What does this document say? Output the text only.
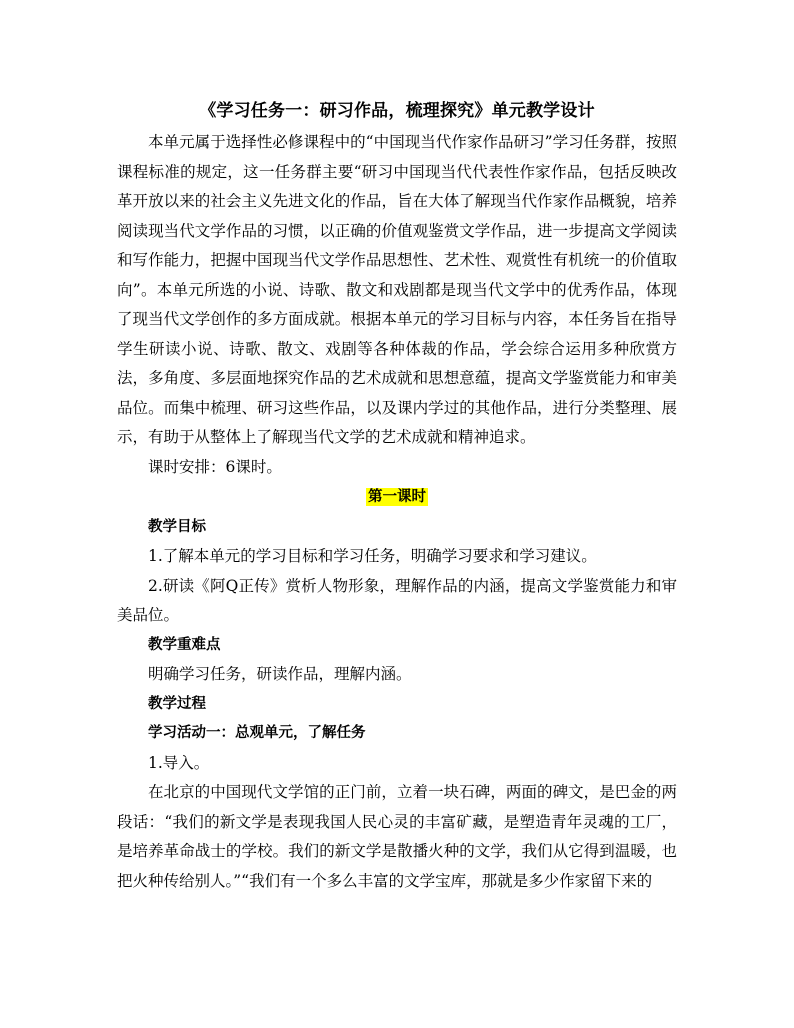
《学习任务一：研习作品，梳理探究》单元教学设计

本单元属于选择性必修课程中的“中国现当代作家作品研习”学习任务群，按照课程标准的规定，这一任务群主要“研习中国现当代代表性作家作品，包括反映改革开放以来的社会主义先进文化的作品，旨在大体了解现当代作家作品概貌，培养阅读现当代文学作品的习惯，以正确的价值观鉴赏文学作品，进一步提高文学阅读和写作能力，把握中国现当代文学作品思想性、艺术性、观赏性有机统一的价值取向”。本单元所选的小说、诗歌、散文和戏剧都是现当代文学中的优秀作品，体现了现当代文学创作的多方面成就。根据本单元的学习目标与内容，本任务旨在指导学生研读小说、诗歌、散文、戏剧等各种体裁的作品，学会综合运用多种欣赏方法，多角度、多层面地探究作品的艺术成就和思想意蕴，提高文学鉴赏能力和审美品位。而集中梳理、研习这些作品，以及课内学过的其他作品，进行分类整理、展示，有助于从整体上了解现当代文学的艺术成就和精神追求。

课时安排：6课时。

第一课时

教学目标

1.了解本单元的学习目标和学习任务，明确学习要求和学习建议。

2.研读《阿Q正传》赏析人物形象，理解作品的内涵，提高文学鉴赏能力和审美品位。

教学重难点

明确学习任务，研读作品，理解内涵。

教学过程

学习活动一：总观单元，了解任务

1.导入。

在北京的中国现代文学馆的正门前，立着一块石碑，两面的碑文，是巴金的两段话：“我们的新文学是表现我国人民心灵的丰富矿藏，是塑造青年灵魂的工厂，是培养革命战士的学校。我们的新文学是散播火种的文学，我们从它得到温暖，也把火种传给别人。”“我们有一个多么丰富的文学宝库，那就是多少作家留下来的
